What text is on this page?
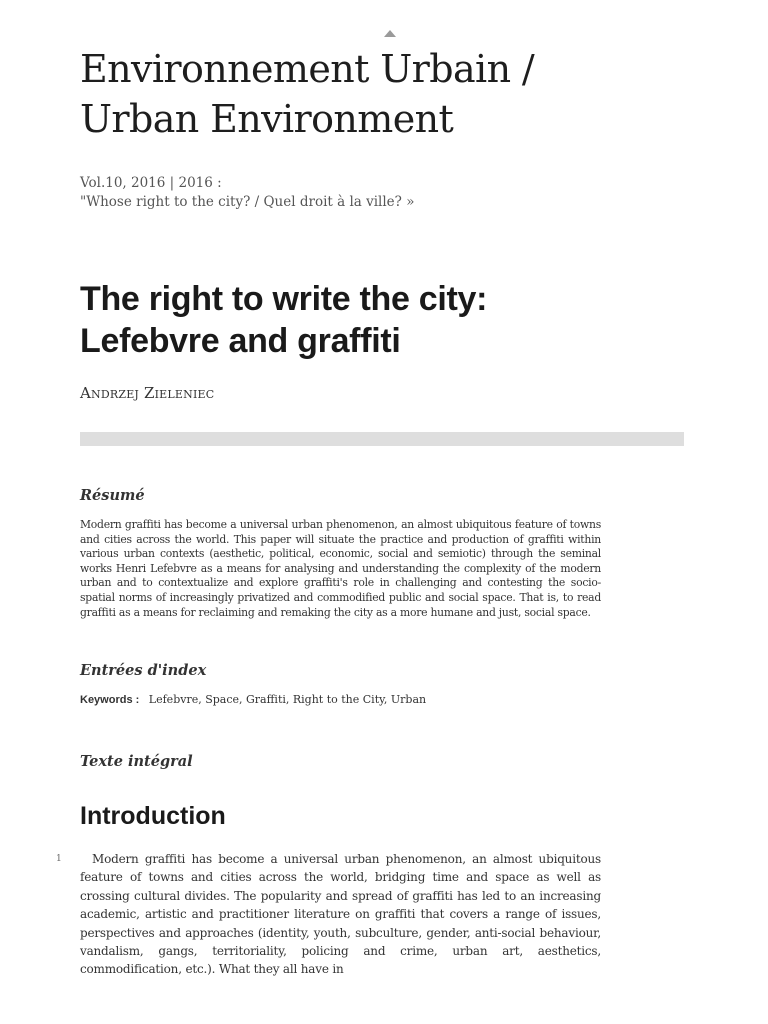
Environnement Urbain /
Urban Environment
Vol.10, 2016 | 2016 :
"Whose right to the city? / Quel droit à la ville? »
The right to write the city:
Lefebvre and graffiti
Andrzej Zieleniec
Résumé

Modern graffiti has become a universal urban phenomenon, an almost ubiquitous feature of towns and cities across the world. This paper will situate the practice and production of graffiti within various urban contexts (aesthetic, political, economic, social and semiotic) through the seminal works Henri Lefebvre as a means for analysing and understanding the complexity of the modern urban and to contextualize and explore graffiti's role in challenging and contesting the socio-spatial norms of increasingly privatized and commodified public and social space. That is, to read graffiti as a means for reclaiming and remaking the city as a more humane and just, social space.

Entrées d'index
Keywords : Lefebvre, Space, Graffiti, Right to the City, Urban
Texte intégral
Introduction
1	Modern graffiti has become a universal urban phenomenon, an almost ubiquitous feature of towns and cities across the world, bridging time and space as well as crossing cultural divides. The popularity and spread of graffiti has led to an increasing academic, artistic and practitioner literature on graffiti that covers a range of issues, perspectives and approaches (identity, youth, subculture, gender, anti-social behaviour, vandalism, gangs, territoriality, policing and crime, urban art, aesthetics, commodification, etc.). What they all have in
